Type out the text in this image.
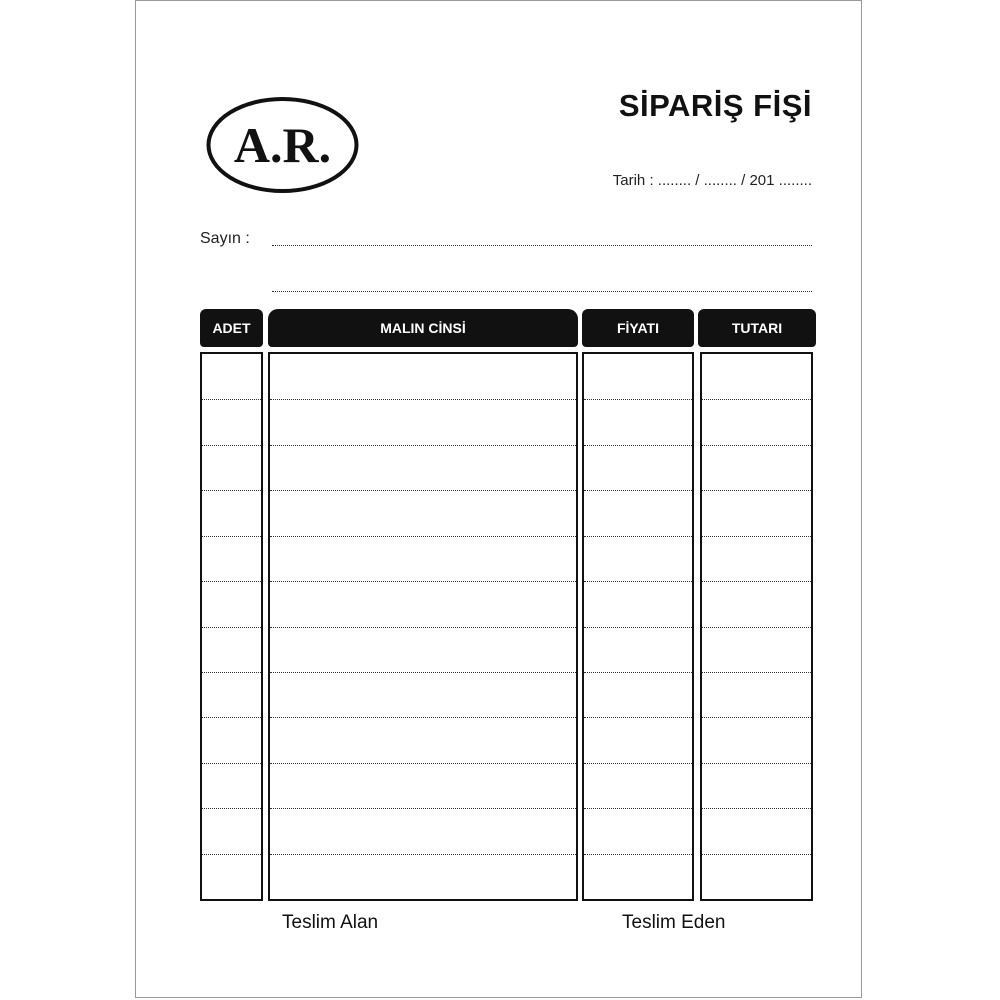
A.R.
SİPARİŞ FİŞİ
Tarih : ........ / ........ / 201 ........
Sayın :
ADET	MALIN CİNSİ	FİYATI	TUTARI
Teslim Alan	Teslim Eden
